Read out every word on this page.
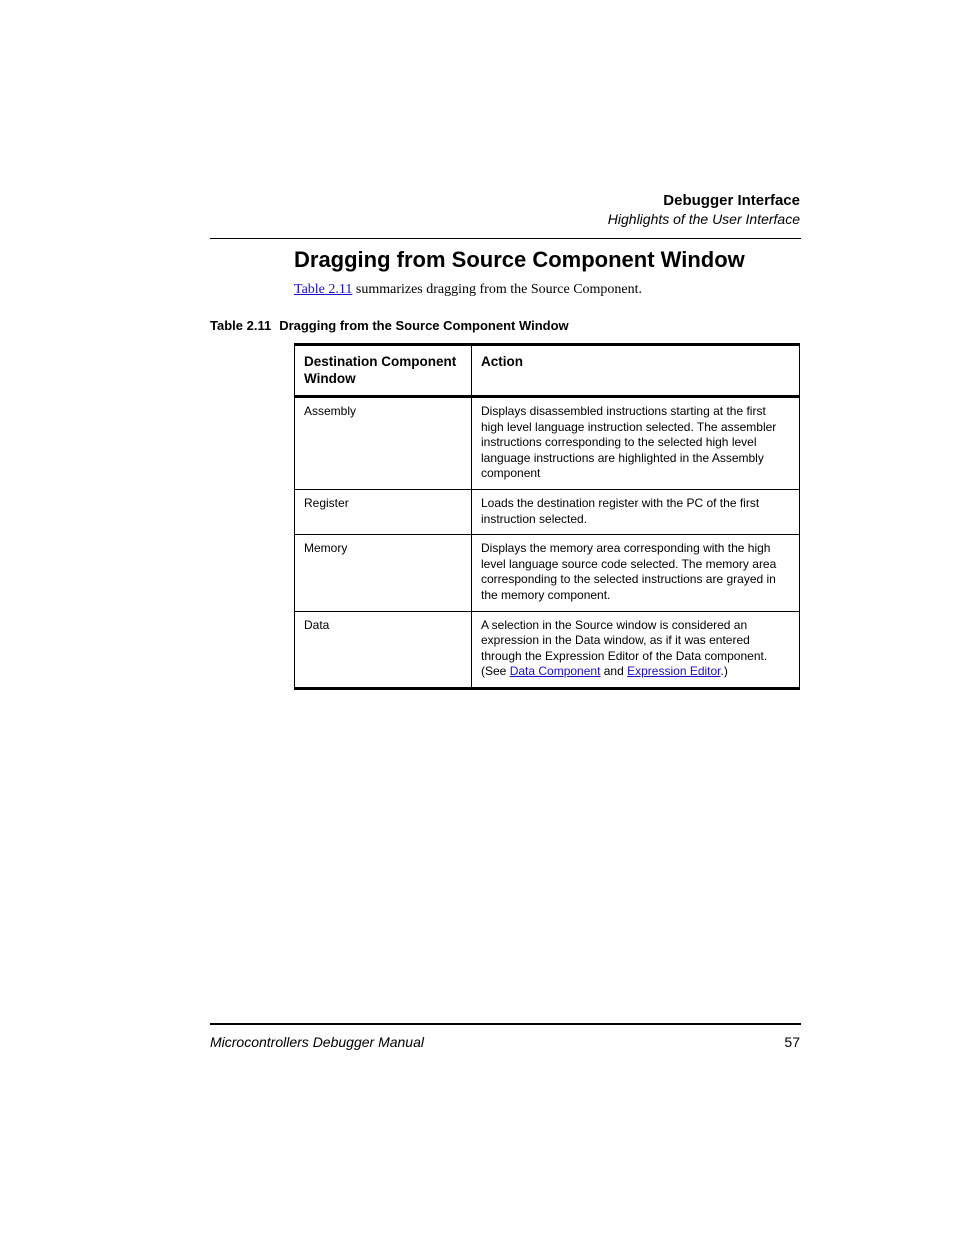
Debugger Interface
Highlights of the User Interface
Dragging from Source Component Window

Table 2.11 summarizes dragging from the Source Component.

Table 2.11 Dragging from the Source Component Window
Destination Component Window	Action
Assembly	Displays disassembled instructions starting at the first high level language instruction selected. The assembler instructions corresponding to the selected high level language instructions are highlighted in the Assembly component
Register	Loads the destination register with the PC of the first instruction selected.
Memory	Displays the memory area corresponding with the high level language source code selected. The memory area corresponding to the selected instructions are grayed in the memory component.
Data	A selection in the Source window is considered an expression in the Data window, as if it was entered through the Expression Editor of the Data component. (See Data Component and Expression Editor.)
Microcontrollers Debugger Manual	57
